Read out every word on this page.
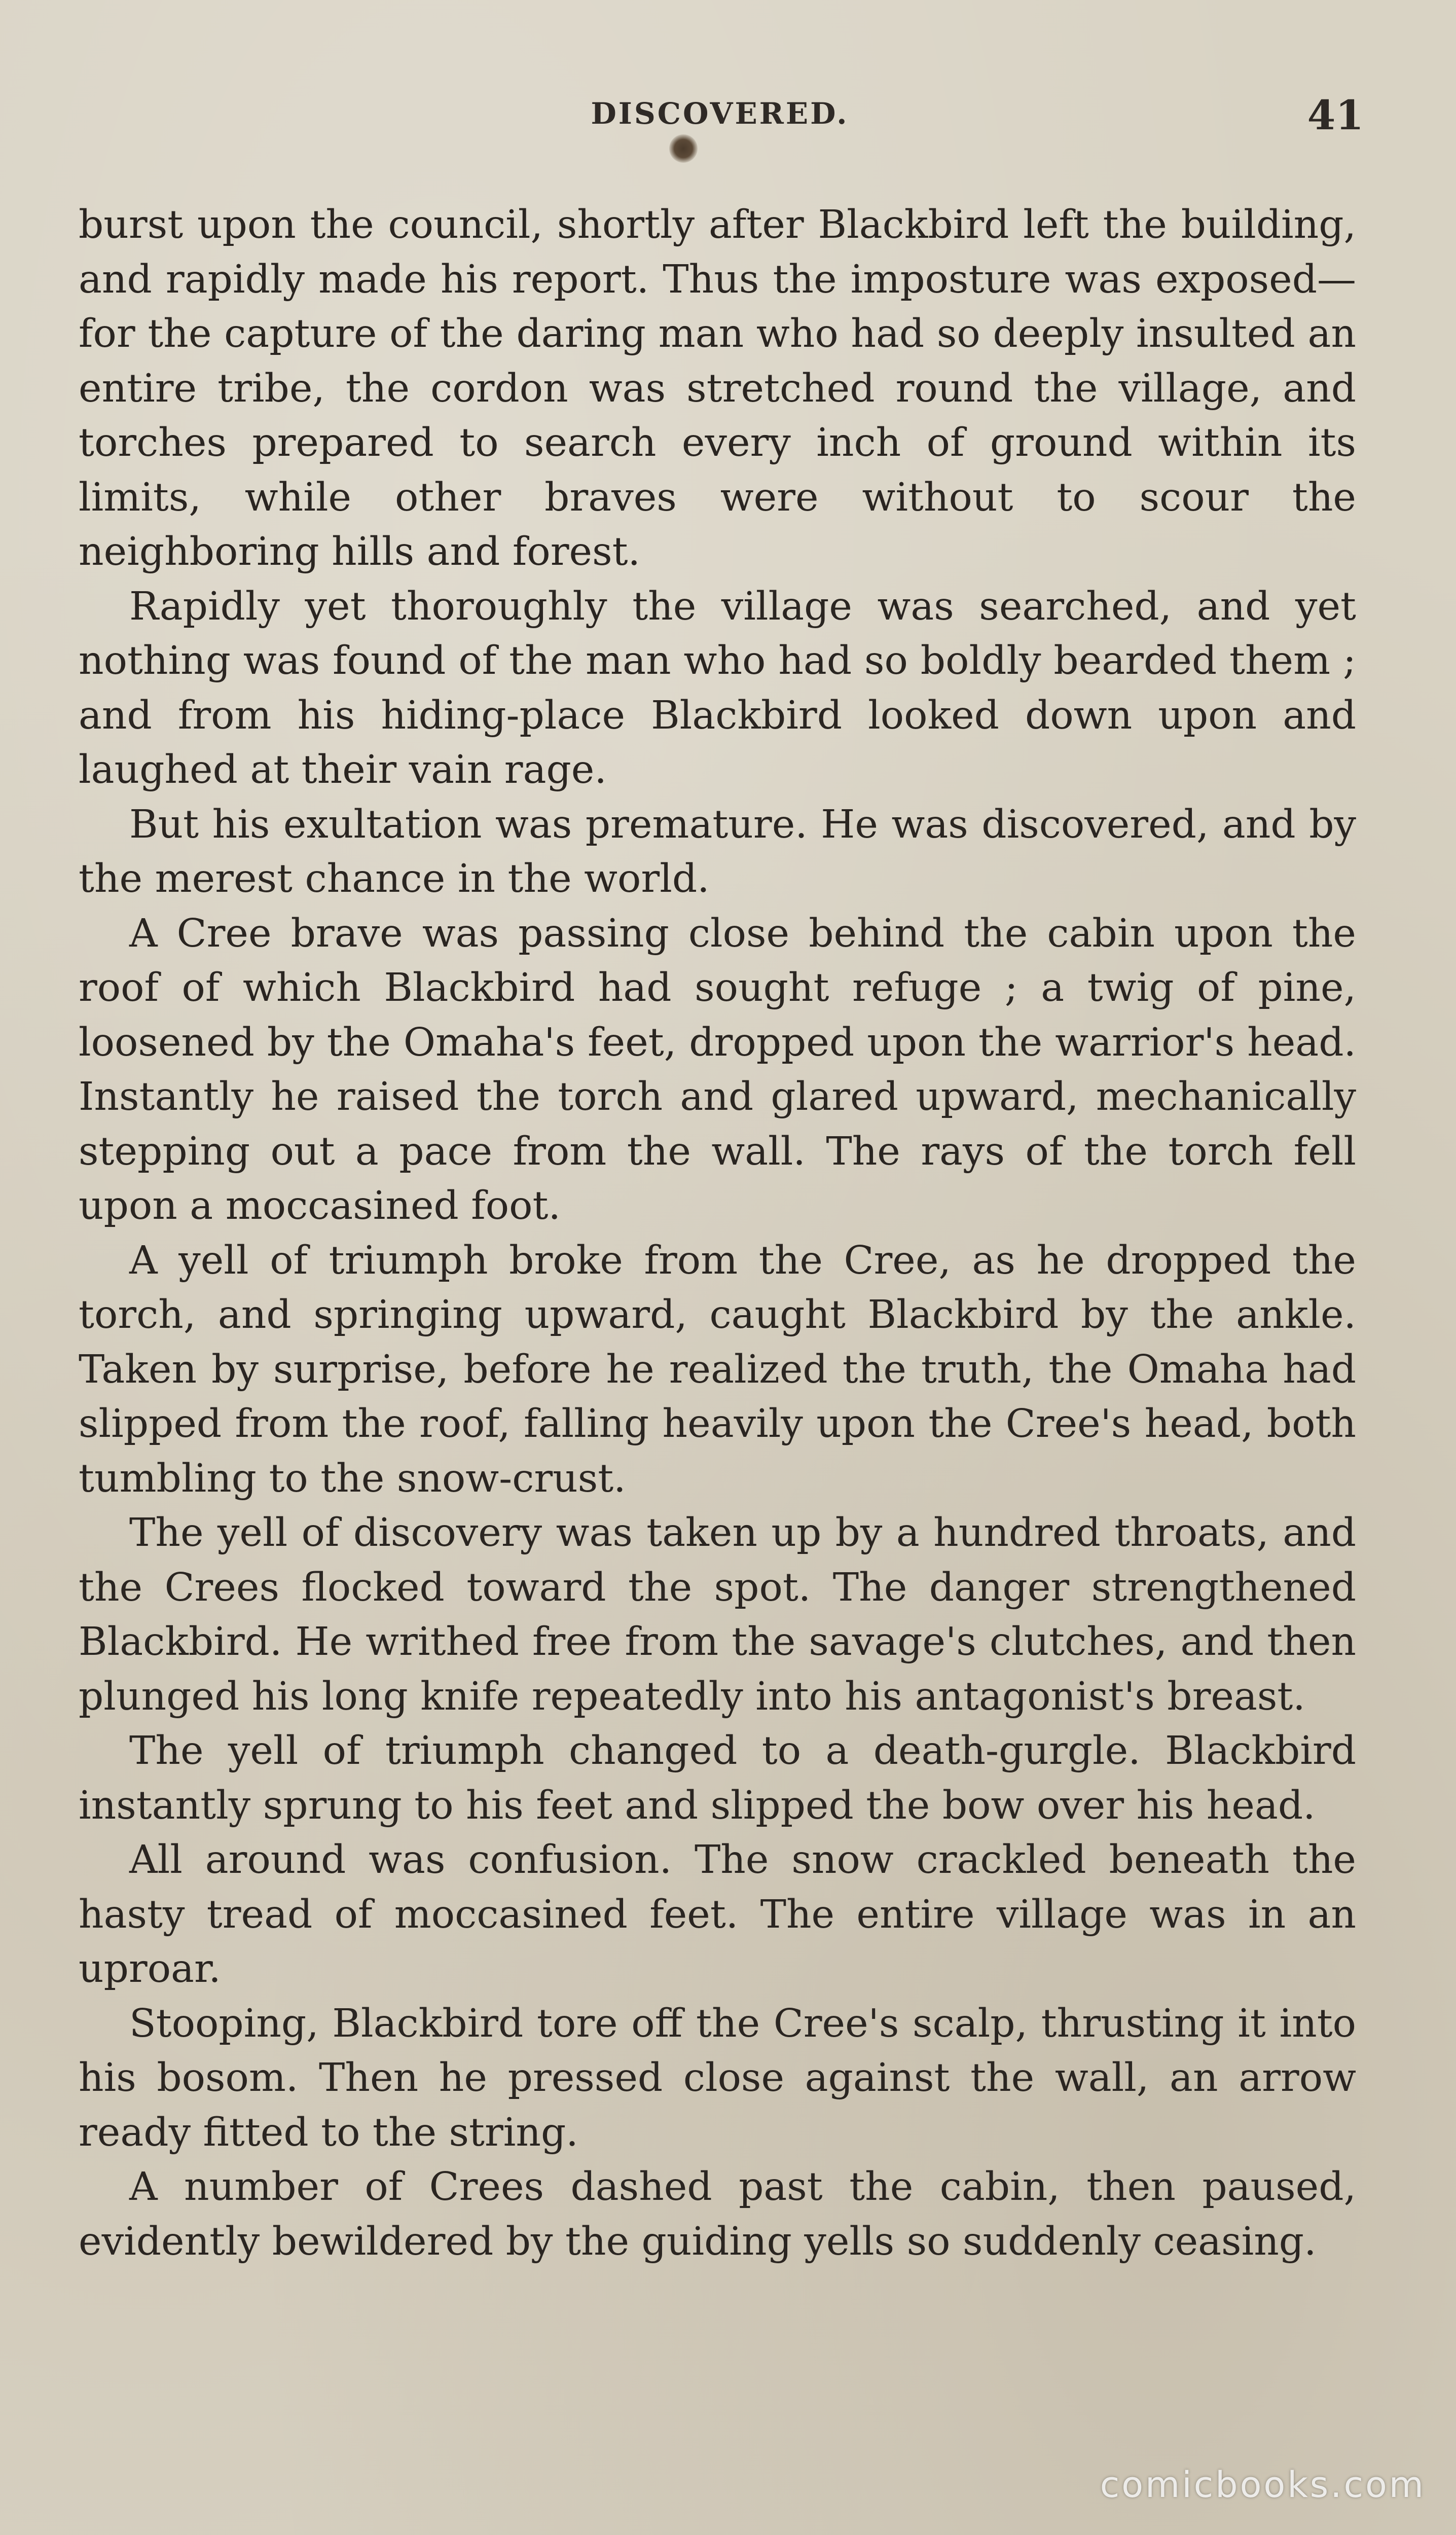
DISCOVERED.	41

burst upon the council, shortly after Blackbird left the building, and rapidly made his report. Thus the imposture was exposed—for the capture of the daring man who had so deeply insulted an entire tribe, the cordon was stretched round the village, and torches prepared to search every inch of ground within its limits, while other braves were without to scour the neighboring hills and forest.

Rapidly yet thoroughly the village was searched, and yet nothing was found of the man who had so boldly bearded them ; and from his hiding-place Blackbird looked down upon and laughed at their vain rage.

But his exultation was premature. He was discovered, and by the merest chance in the world.

A Cree brave was passing close behind the cabin upon the roof of which Blackbird had sought refuge ; a twig of pine, loosened by the Omaha's feet, dropped upon the warrior's head. Instantly he raised the torch and glared upward, mechanically stepping out a pace from the wall. The rays of the torch fell upon a moccasined foot.

A yell of triumph broke from the Cree, as he dropped the torch, and springing upward, caught Blackbird by the ankle. Taken by surprise, before he realized the truth, the Omaha had slipped from the roof, falling heavily upon the Cree's head, both tumbling to the snow-crust.

The yell of discovery was taken up by a hundred throats, and the Crees flocked toward the spot. The danger strengthened Blackbird. He writhed free from the savage's clutches, and then plunged his long knife repeatedly into his antagonist's breast.

The yell of triumph changed to a death-gurgle. Blackbird instantly sprung to his feet and slipped the bow over his head.

All around was confusion. The snow crackled beneath the hasty tread of moccasined feet. The entire village was in an uproar.

Stooping, Blackbird tore off the Cree's scalp, thrusting it into his bosom. Then he pressed close against the wall, an arrow ready fitted to the string.

A number of Crees dashed past the cabin, then paused, evidently bewildered by the guiding yells so suddenly ceasing.

comicbooks.com
